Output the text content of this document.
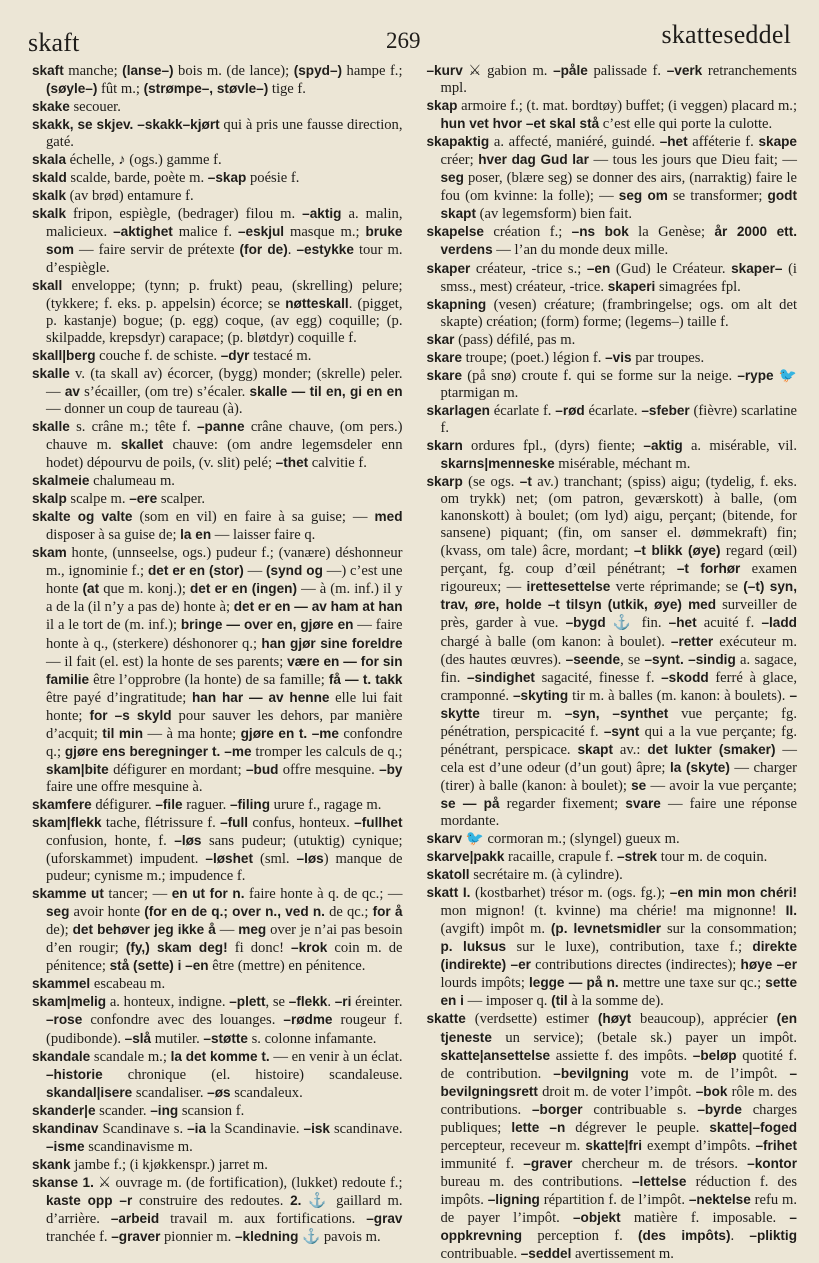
skaft	269	skatteseddel

skaft manche; (lanse–) bois m. (de lance); (spyd–) hampe f.; (søyle–) fût m.; (strømpe–, støvle–) tige f.

skake secouer.

skakk, se skjev. –skakk–kjørt qui à pris une fausse direction, gaté.

skala échelle, ♪ (ogs.) gamme f.

skald scalde, barde, poète m. –skap poésie f.

skalk (av brød) entamure f.

skalk fripon, espiègle, (bedrager) filou m. –aktig a. malin, malicieux. –aktighet malice f. –eskjul masque m.; bruke som — faire servir de prétexte (for de). –estykke tour m. d’espiègle.

skall enveloppe; (tynn; p. frukt) peau, (skrelling) pelure; (tykkere; f. eks. p. appelsin) écorce; se nøtteskall. (pigget, p. kastanje) bogue; (p. egg) coque, (av egg) coquille; (p. skilpadde, krepsdyr) carapace; (p. bløtdyr) coquille f.

skall|berg couche f. de schiste. –dyr testacé m.

skalle v. (ta skall av) écorcer, (bygg) monder; (skrelle) peler. — av s’écailler, (om tre) s’écaler. skalle — til en, gi en en — donner un coup de taureau (à).

skalle s. crâne m.; tête f. –panne crâne chauve, (om pers.) chauve m. skallet chauve: (om andre legemsdeler enn hodet) dépourvu de poils, (v. slit) pelé; –thet calvitie f.

skalmeie chalumeau m.

skalp scalpe m. –ere scalper.

skalte og valte (som en vil) en faire à sa guise; — med disposer à sa guise de; la en — laisser faire q.

skam honte, (unnseelse, ogs.) pudeur f.; (vanære) déshonneur m., ignominie f.; det er en (stor) — (synd og —) c’est une honte (at que m. konj.); det er en (ingen) — à (m. inf.) il y a de la (il n’y a pas de) honte à; det er en — av ham at han il a le tort de (m. inf.); bringe — over en, gjøre en — faire honte à q., (sterkere) déshonorer q.; han gjør sine foreldre — il fait (el. est) la honte de ses parents; være en — for sin familie être l’opprobre (la honte) de sa famille; få — t. takk être payé d’ingratitude; han har — av henne elle lui fait honte; for –s skyld pour sauver les dehors, par manière d’acquit; til min — à ma honte; gjøre en t. –me confondre q.; gjøre ens beregninger t. –me tromper les calculs de q.; skam|bite défigurer en mordant; –bud offre mesquine. –by faire une offre mesquine à.

skamfere défigurer. –file raguer. –filing urure f., ragage m.

skam|flekk tache, flétrissure f. –full confus, honteux. –fullhet confusion, honte, f. –løs sans pudeur; (utuktig) cynique; (uforskammet) impudent. –løshet (sml. –løs) manque de pudeur; cynisme m.; impudence f.

skamme ut tancer; — en ut for n. faire honte à q. de qc.; — seg avoir honte (for en de q.; over n., ved n. de qc.; for å de); det behøver jeg ikke å — meg over je n’ai pas besoin d’en rougir; (fy,) skam deg! fi donc! –krok coin m. de pénitence; stå (sette) i –en être (mettre) en pénitence.

skammel escabeau m.

skam|melig a. honteux, indigne. –plett, se –flekk. –ri éreinter. –rose confondre avec des louanges. –rødme rougeur f. (pudibonde). –slå mutiler. –støtte s. colonne infamante.

skandale scandale m.; la det komme t. — en venir à un éclat. –historie chronique (el. histoire) scandaleuse. skandal|isere scandaliser. –øs scandaleux.

skander|e scander. –ing scansion f.

skandinav Scandinave s. –ia la Scandinavie. –isk scandinave. –isme scandinavisme m.

skank jambe f.; (i kjøkkenspr.) jarret m.

skanse 1. ⚔ ouvrage m. (de fortification), (lukket) redoute f.; kaste opp –r construire des redoutes. 2. ⚓ gaillard m. d’arrière. –arbeid travail m. aux fortifications. –grav tranchée f. –graver pionnier m. –kledning ⚓ pavois m.

–kurv ⚔ gabion m. –påle palissade f. –verk retranchements mpl.

skap armoire f.; (t. mat. bordtøy) buffet; (i veggen) placard m.; hun vet hvor –et skal stå c’est elle qui porte la culotte.

skapaktig a. affecté, maniéré, guindé. –het afféterie f. skape créer; hver dag Gud lar — tous les jours que Dieu fait; — seg poser, (blære seg) se donner des airs, (narraktig) faire le fou (om kvinne: la folle); — seg om se transformer; godt skapt (av legemsform) bien fait.

skapelse création f.; –ns bok la Genèse; år 2000 ett. verdens — l’an du monde deux mille.

skaper créateur, -trice s.; –en (Gud) le Créateur. skaper– (i smss., mest) créateur, -trice. skaperi simagrées fpl.

skapning (vesen) créature; (frambringelse; ogs. om alt det skapte) création; (form) forme; (legems–) taille f.

skar (pass) défilé, pas m.

skare troupe; (poet.) légion f. –vis par troupes.

skare (på snø) croute f. qui se forme sur la neige. –rype 🐦 ptarmigan m.

skarlagen écarlate f. –rød écarlate. –sfeber (fièvre) scarlatine f.

skarn ordures fpl., (dyrs) fiente; –aktig a. misérable, vil. skarns|menneske misérable, méchant m.

skarp (se ogs. –t av.) tranchant; (spiss) aigu; (tydelig, f. eks. om trykk) net; (om patron, geværskott) à balle, (om kanonskott) à boulet; (om lyd) aigu, perçant; (bitende, for sansene) piquant; (fin, om sanser el. dømmekraft) fin; (kvass, om tale) âcre, mordant; –t blikk (øye) regard (œil) perçant, fg. coup d’œil pénétrant; –t forhør examen rigoureux; — irettesettelse verte réprimande; se (–t) syn, trav, øre, holde –t tilsyn (utkik, øye) med surveiller de près, garder à vue. –bygd ⚓ fin. –het acuité f. –ladd chargé à balle (om kanon: à boulet). –retter exécuteur m. (des hautes œuvres). –seende, se –synt. –sindig a. sagace, fin. –sindighet sagacité, finesse f. –skodd ferré à glace, cramponné. –skyting tir m. à balles (m. kanon: à boulets). –skytte tireur m. –syn, –synthet vue perçante; fg. pénétration, perspicacité f. –synt qui a la vue perçante; fg. pénétrant, perspicace. skapt av.: det lukter (smaker) — cela est d’une odeur (d’un gout) âpre; la (skyte) — charger (tirer) à balle (kanon: à boulet); se — avoir la vue perçante; se — på regarder fixement; svare — faire une réponse mordante.

skarv 🐦 cormoran m.; (slyngel) gueux m.

skarve|pakk racaille, crapule f. –strek tour m. de coquin.

skatoll secrétaire m. (à cylindre).

skatt I. (kostbarhet) trésor m. (ogs. fg.); –en min mon chéri! mon mignon! (t. kvinne) ma chérie! ma mignonne! II. (avgift) impôt m. (p. levnetsmidler sur la consommation; p. luksus sur le luxe), contribution, taxe f.; direkte (indirekte) –er contributions directes (indirectes); høye –er lourds impôts; legge — på n. mettre une taxe sur qc.; sette en i — imposer q. (til à la somme de).

skatte (verdsette) estimer (høyt beaucoup), apprécier (en tjeneste un service); (betale sk.) payer un impôt. skatte|ansettelse assiette f. des impôts. –beløp quotité f. de contribution. –bevilgning vote m. de l’impôt. –bevilgningsrett droit m. de voter l’impôt. –bok rôle m. des contributions. –borger contribuable s. –byrde charges publiques; lette –n dégrever le peuple. skatte|–foged percepteur, receveur m. skatte|fri exempt d’impôts. –frihet immunité f. –graver chercheur m. de trésors. –kontor bureau m. des contributions. –lettelse réduction f. des impôts. –ligning répartition f. de l’impôt. –nektelse refu m. de payer l’impôt. –objekt matière f. imposable. –oppkrevning perception f. (des impôts). –pliktig contribuable. –seddel avertissement m.
